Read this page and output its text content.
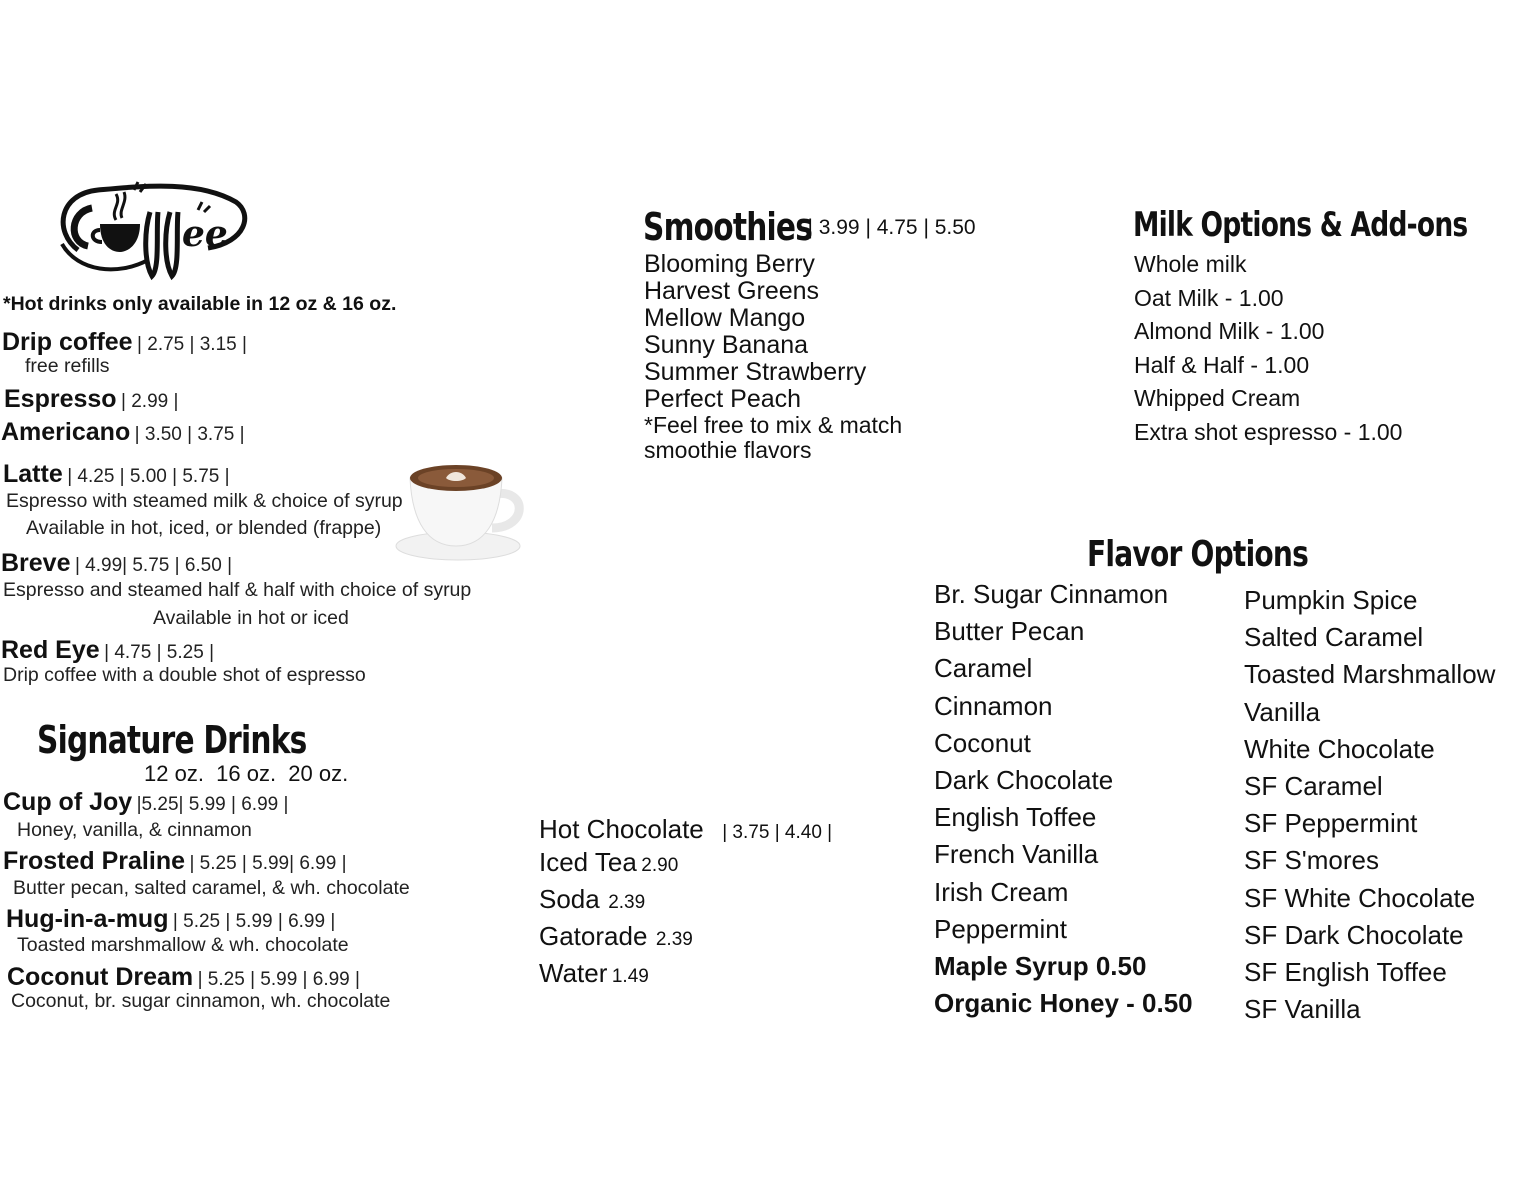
ee
*Hot drinks only available in 12 oz & 16 oz.
Drip coffee | 2.75 | 3.15 |
free refills
Espresso | 2.99 |
Americano | 3.50 | 3.75 |
Latte | 4.25 | 5.00 | 5.75 |
Espresso with steamed milk & choice of syrup
Available in hot, iced, or blended (frappe)
Breve | 4.99| 5.75 | 6.50 |
Espresso and steamed half & half with choice of syrup
Available in hot or iced
Red Eye | 4.75 | 5.25 |
Drip coffee with a double shot of espresso
Signature Drinks
12 oz.  16 oz.  20 oz.
Cup of Joy |5.25| 5.99 | 6.99 |
Honey, vanilla, & cinnamon
Frosted Praline | 5.25 | 5.99| 6.99 |
Butter pecan, salted caramel, & wh. chocolate
Hug-in-a-mug | 5.25 | 5.99 | 6.99 |
Toasted marshmallow & wh. chocolate
Coconut Dream | 5.25 | 5.99 | 6.99 |
Coconut, br. sugar cinnamon, wh. chocolate
Smoothies | 3.99 | 4.75 | 5.50
Blooming Berry
Harvest Greens
Mellow Mango
Sunny Banana
Summer Strawberry
Perfect Peach
*Feel free to mix & match
smoothie flavors
Hot Chocolate | 3.75 | 4.40 |
Iced Tea 2.90
Soda 2.39
Gatorade 2.39
Water 1.49
Milk Options & Add-ons
Whole milk
Oat Milk - 1.00
Almond Milk - 1.00
Half & Half - 1.00
Whipped Cream
Extra shot espresso - 1.00
Flavor Options
Br. Sugar Cinnamon
Butter Pecan
Caramel
Cinnamon
Coconut
Dark Chocolate
English Toffee
French Vanilla
Irish Cream
Peppermint
Maple Syrup 0.50
Organic Honey - 0.50
Pumpkin Spice
Salted Caramel
Toasted Marshmallow
Vanilla
White Chocolate
SF Caramel
SF Peppermint
SF S'mores
SF White Chocolate
SF Dark Chocolate
SF English Toffee
SF Vanilla
